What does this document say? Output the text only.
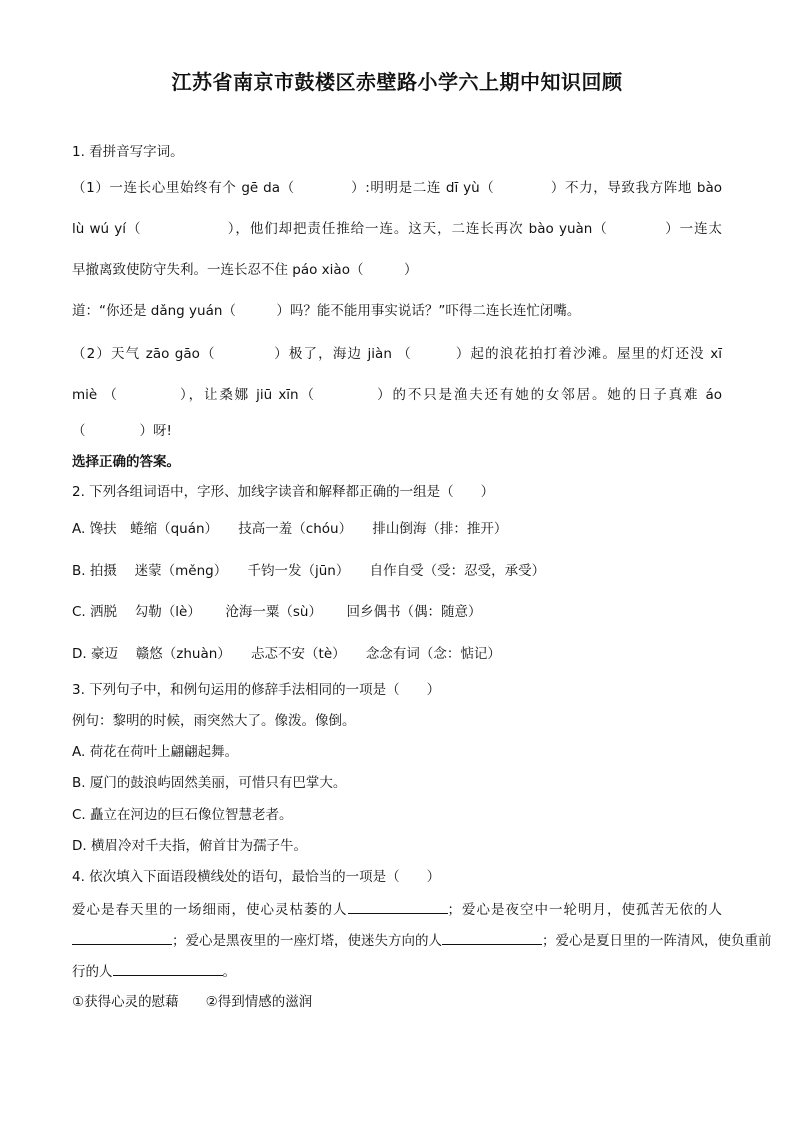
江苏省南京市鼓楼区赤壁路小学六上期中知识回顾
1. 看拼音写字词。
（1）一连长心里始终有个 gē da（　　　　）:明明是二连 dī yù（　　　　）不力，导致我方阵地 bào
lù wú yí（　　　　　　），他们却把责任推给一连。这天，二连长再次 bào yuàn（　　　　）一连太
早撤离致使防守失利。一连长忍不住 páo xiào（　　　）
道：“你还是 dǎng yuán（　　　）吗？能不能用事实说话？”吓得二连长连忙闭嘴。
（2）天气 zāo gāo（　　　　）极了，海边 jiàn （　　　）起的浪花拍打着沙滩。屋里的灯还没 xī
miè （　　　　），让桑娜 jiū xīn（　　　　）的不只是渔夫还有她的女邻居。她的日子真难 áo
（　　　　）呀!
选择正确的答案。
2. 下列各组词语中，字形、加线字读音和解释都正确的一组是（　　）
A. 馋扶　蜷缩（quán）　　技高一羞（chóu）　　排山倒海（排：推开）
B. 拍摄　 迷蒙（měng）　　千钧一发（jūn）　　自作自受（受：忍受，承受）
C. 洒脱　 勾勒（lè）　　 沧海一粟（sù）　　 回乡偶书（偶：随意）
D. 豪迈　 赣悠（zhuàn）　　忐忑不安（tè）　　念念有词（念：惦记）
3. 下列句子中，和例句运用的修辞手法相同的一项是（　　）
例句：黎明的时候，雨突然大了。像泼。像倒。
A. 荷花在荷叶上翩翩起舞。
B. 厦门的鼓浪屿固然美丽，可惜只有巴掌大。
C. 矗立在河边的巨石像位智慧老者。
D. 横眉冷对千夫指，俯首甘为孺子牛。
4. 依次填入下面语段横线处的语句，最恰当的一项是（　　）
爱心是春天里的一场细雨，使心灵枯萎的人	；爱心是夜空中一轮明月，使孤苦无依的人
；爱心是黑夜里的一座灯塔，使迷失方向的人	；爱心是夏日里的一阵清风，使负重前
行的人	。
①获得心灵的慰藉　　②得到情感的滋润
